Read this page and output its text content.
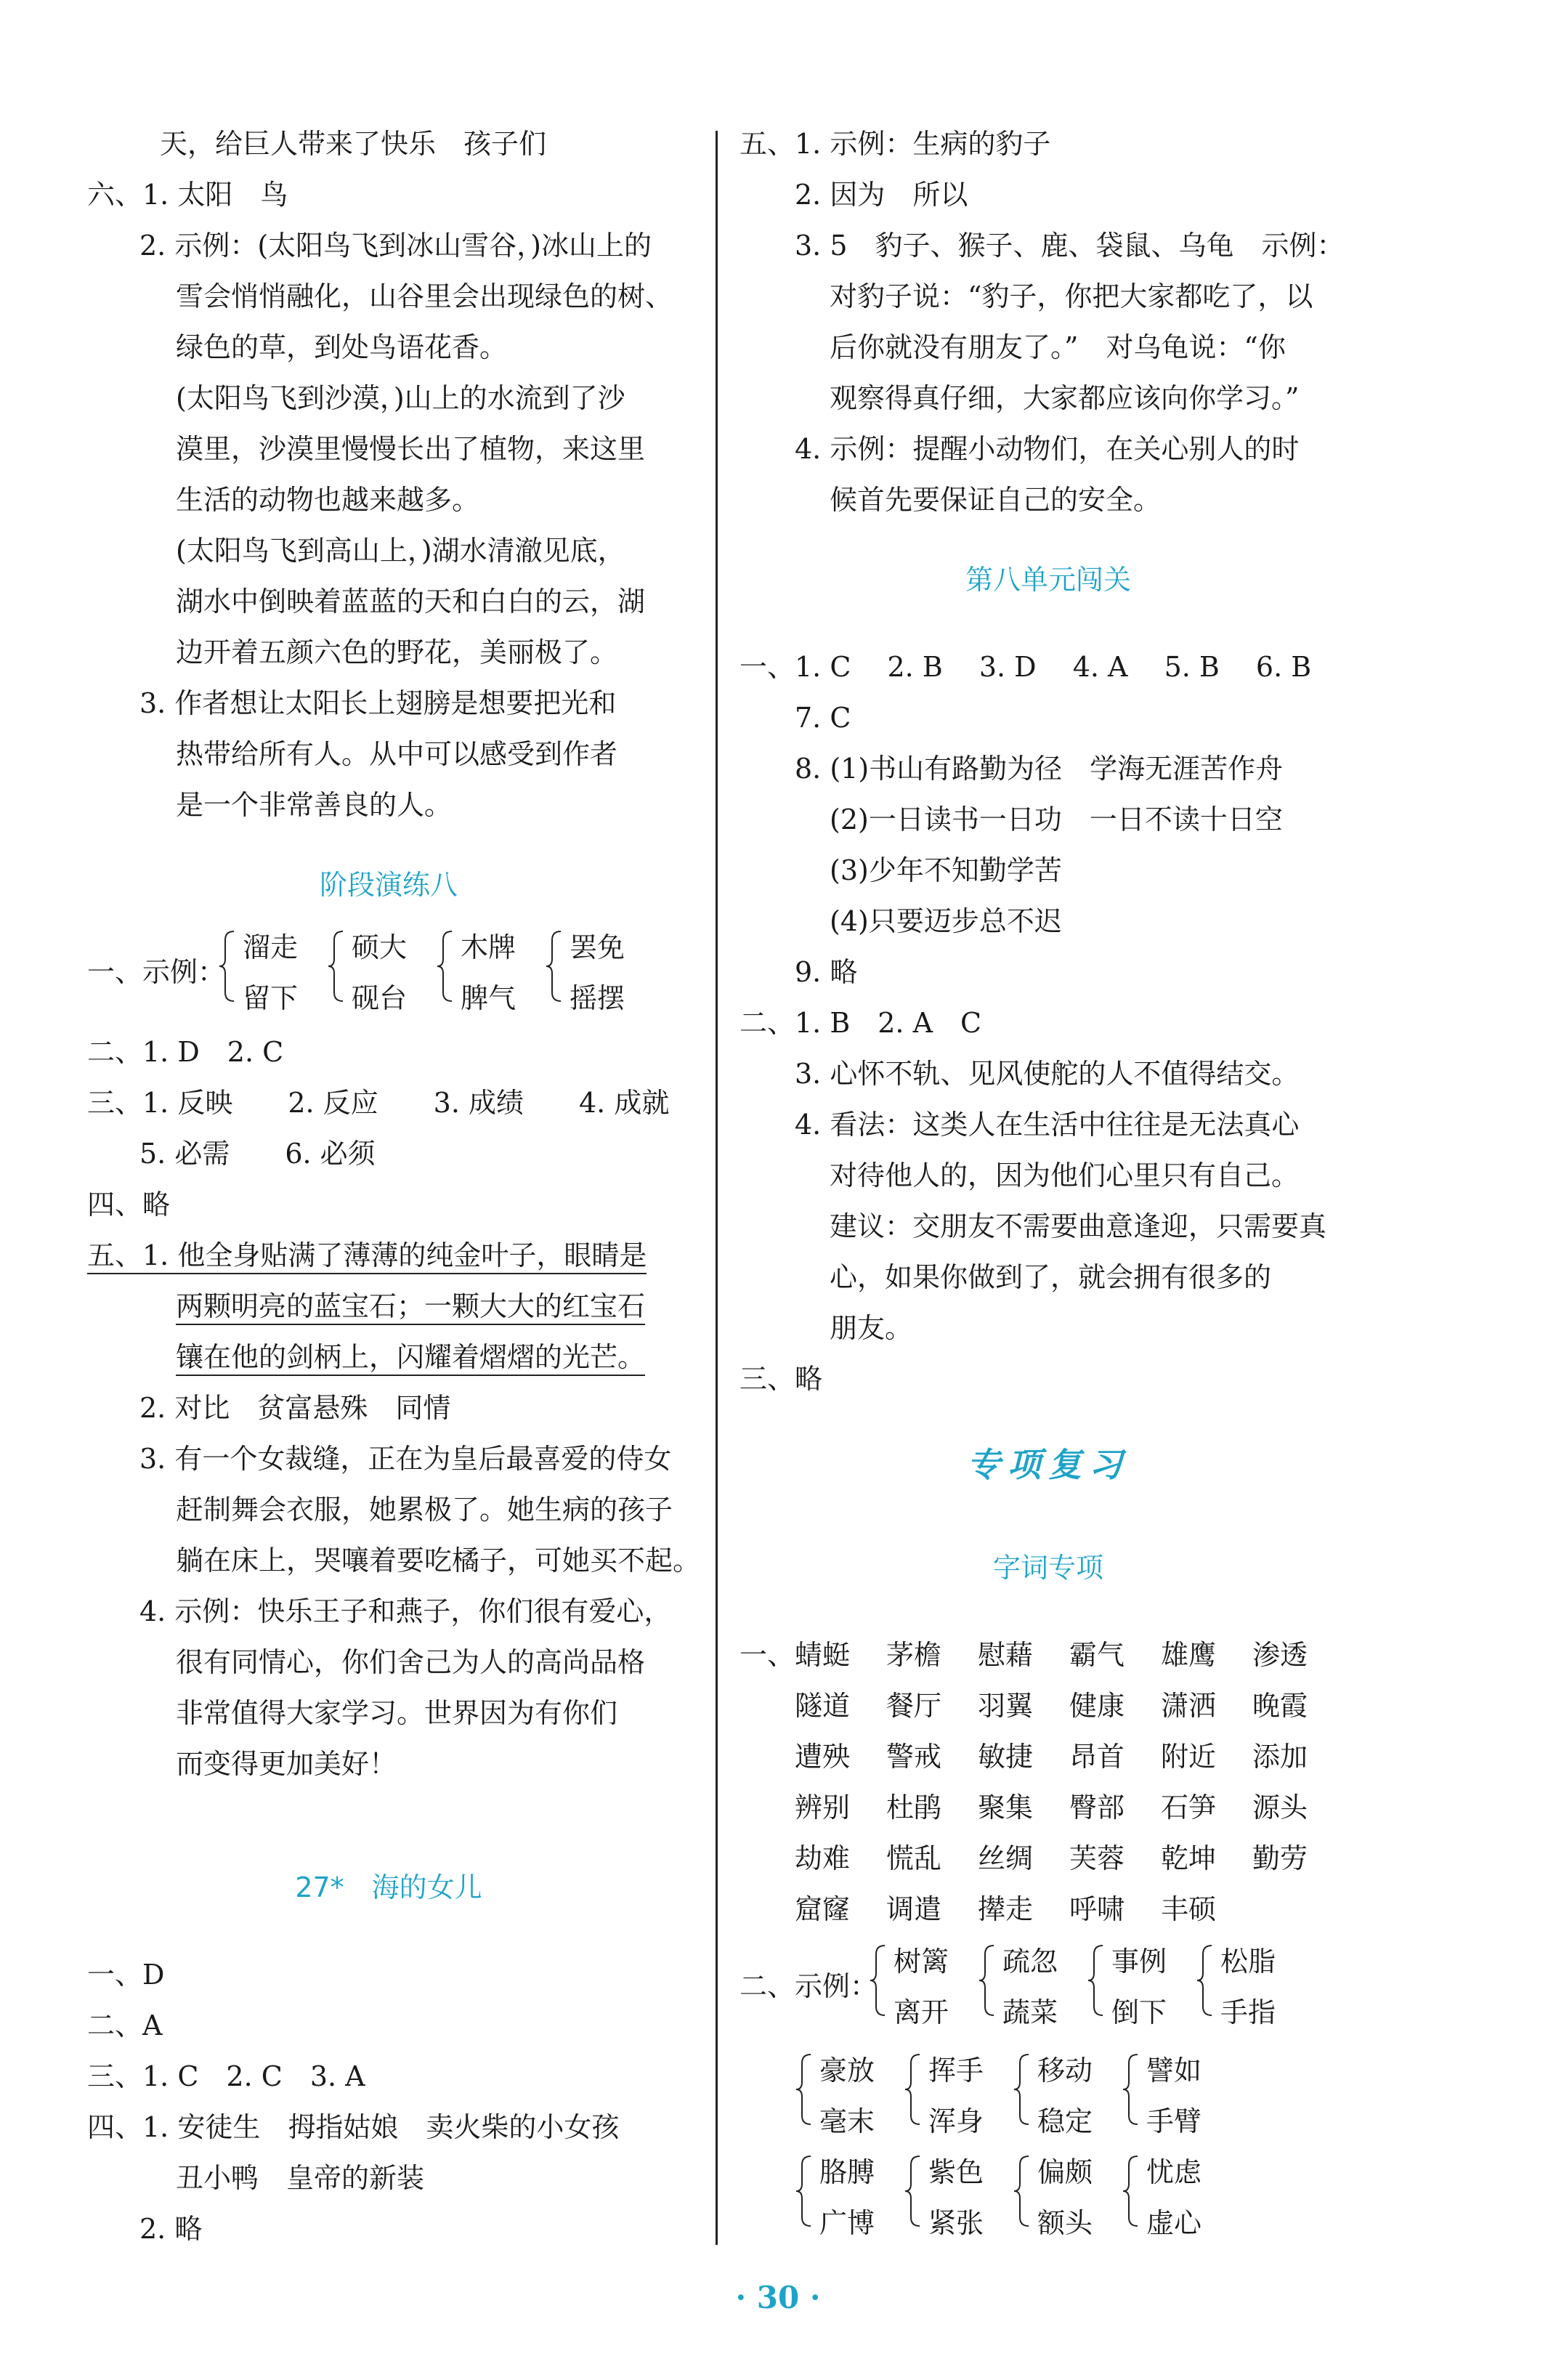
天，给巨人带来了快乐　孩子们
六、1. 太阳　鸟
2. 示例：(太阳鸟飞到冰山雪谷，)冰山上的
雪会悄悄融化，山谷里会出现绿色的树、
绿色的草，到处鸟语花香。
(太阳鸟飞到沙漠，)山上的水流到了沙
漠里，沙漠里慢慢长出了植物，来这里
生活的动物也越来越多。
(太阳鸟飞到高山上，)湖水清澈见底，
湖水中倒映着蓝蓝的天和白白的云，湖
边开着五颜六色的野花，美丽极了。
3. 作者想让太阳长上翅膀是想要把光和
热带给所有人。从中可以感受到作者
是一个非常善良的人。
阶段演练八
一、示例：
溜走
留下
硕大
砚台
木牌
脾气
罢免
摇摆
二、1. D　2. C
三、1. 反映　　2. 反应　　3. 成绩　　4. 成就
5. 必需　　6. 必须
四、略
五、1. 他全身贴满了薄薄的纯金叶子，眼睛是
两颗明亮的蓝宝石；一颗大大的红宝石
镶在他的剑柄上，闪耀着熠熠的光芒。
2. 对比　贫富悬殊　同情
3. 有一个女裁缝，正在为皇后最喜爱的侍女
赶制舞会衣服，她累极了。她生病的孩子
躺在床上，哭嚷着要吃橘子，可她买不起。
4. 示例：快乐王子和燕子，你们很有爱心，
很有同情心，你们舍己为人的高尚品格
非常值得大家学习。世界因为有你们
而变得更加美好！
27*　海的女儿
一、D
二、A
三、1. C　2. C　3. A
四、1. 安徒生　拇指姑娘　卖火柴的小女孩
丑小鸭　皇帝的新装
2. 略
五、1. 示例：生病的豹子
2. 因为　所以
3. 5　豹子、猴子、鹿、袋鼠、乌龟　示例：
对豹子说：“豹子，你把大家都吃了，以
后你就没有朋友了。”　对乌龟说：“你
观察得真仔细，大家都应该向你学习。”
4. 示例：提醒小动物们，在关心别人的时
候首先要保证自己的安全。
第八单元闯关
一、1. C　 2. B　 3. D　 4. A　 5. B　 6. B
7. C
8. (1)书山有路勤为径　学海无涯苦作舟
(2)一日读书一日功　一日不读十日空
(3)少年不知勤学苦
(4)只要迈步总不迟
9. 略
二、1. B　2. A　C
3. 心怀不轨、见风使舵的人不值得结交。
4. 看法：这类人在生活中往往是无法真心
对待他人的，因为他们心里只有自己。
建议：交朋友不需要曲意逢迎，只需要真
心，如果你做到了，就会拥有很多的
朋友。
三、略
专项复习
字词专项
一、 蜻蜓 茅檐 慰藉 霸气 雄鹰 渗透
隧道 餐厅 羽翼 健康 潇洒 晚霞
遭殃 警戒 敏捷 昂首 附近 添加
辨别 杜鹃 聚集 臀部 石笋 源头
劫难 慌乱 丝绸 芙蓉 乾坤 勤劳
窟窿 调遣 撵走 呼啸 丰硕
二、示例：
树篱
离开
疏忽
蔬菜
事例
倒下
松脂
手指
豪放
毫末
挥手
浑身
移动
稳定
譬如
手臂
胳膊
广博
紫色
紧张
偏颇
额头
忧虑
虚心
· 30 ·
